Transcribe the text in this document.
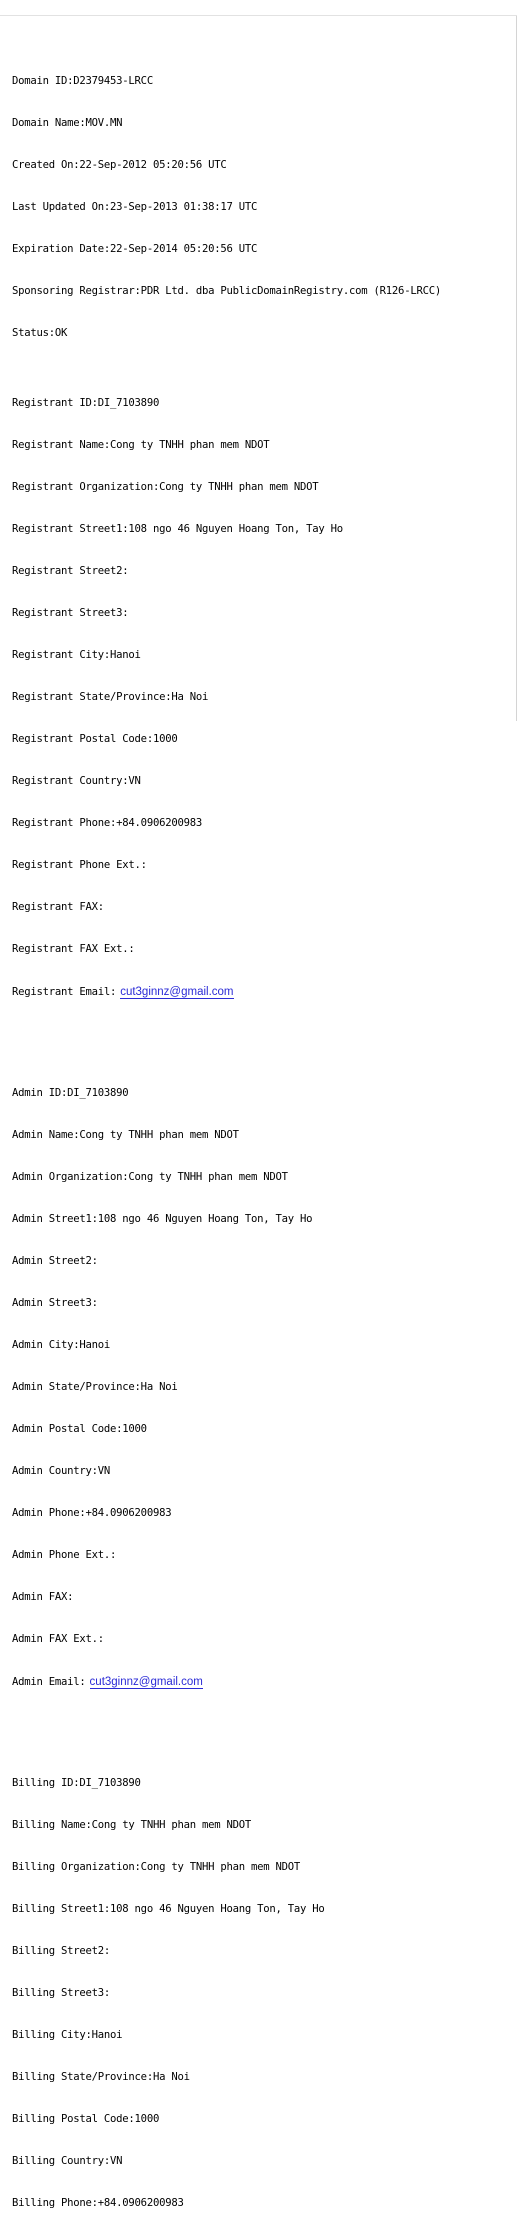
Domain ID:D2379453-LRCC

Domain Name:MOV.MN

Created On:22-Sep-2012 05:20:56 UTC

Last Updated On:23-Sep-2013 01:38:17 UTC

Expiration Date:22-Sep-2014 05:20:56 UTC

Sponsoring Registrar:PDR Ltd. dba PublicDomainRegistry.com (R126-LRCC)

Status:OK

Registrant ID:DI_7103890

Registrant Name:Cong ty TNHH phan mem NDOT

Registrant Organization:Cong ty TNHH phan mem NDOT

Registrant Street1:108 ngo 46 Nguyen Hoang Ton, Tay Ho

Registrant Street2:

Registrant Street3:

Registrant City:Hanoi

Registrant State/Province:Ha Noi

Registrant Postal Code:1000

Registrant Country:VN

Registrant Phone:+84.0906200983

Registrant Phone Ext.:

Registrant FAX:

Registrant FAX Ext.:

Registrant Email: cut3ginnz@gmail.com

Admin ID:DI_7103890

Admin Name:Cong ty TNHH phan mem NDOT

Admin Organization:Cong ty TNHH phan mem NDOT

Admin Street1:108 ngo 46 Nguyen Hoang Ton, Tay Ho

Admin Street2:

Admin Street3:

Admin City:Hanoi

Admin State/Province:Ha Noi

Admin Postal Code:1000

Admin Country:VN

Admin Phone:+84.0906200983

Admin Phone Ext.:

Admin FAX:

Admin FAX Ext.:

Admin Email: cut3ginnz@gmail.com

Billing ID:DI_7103890

Billing Name:Cong ty TNHH phan mem NDOT

Billing Organization:Cong ty TNHH phan mem NDOT

Billing Street1:108 ngo 46 Nguyen Hoang Ton, Tay Ho

Billing Street2:

Billing Street3:

Billing City:Hanoi

Billing State/Province:Ha Noi

Billing Postal Code:1000

Billing Country:VN

Billing Phone:+84.0906200983
